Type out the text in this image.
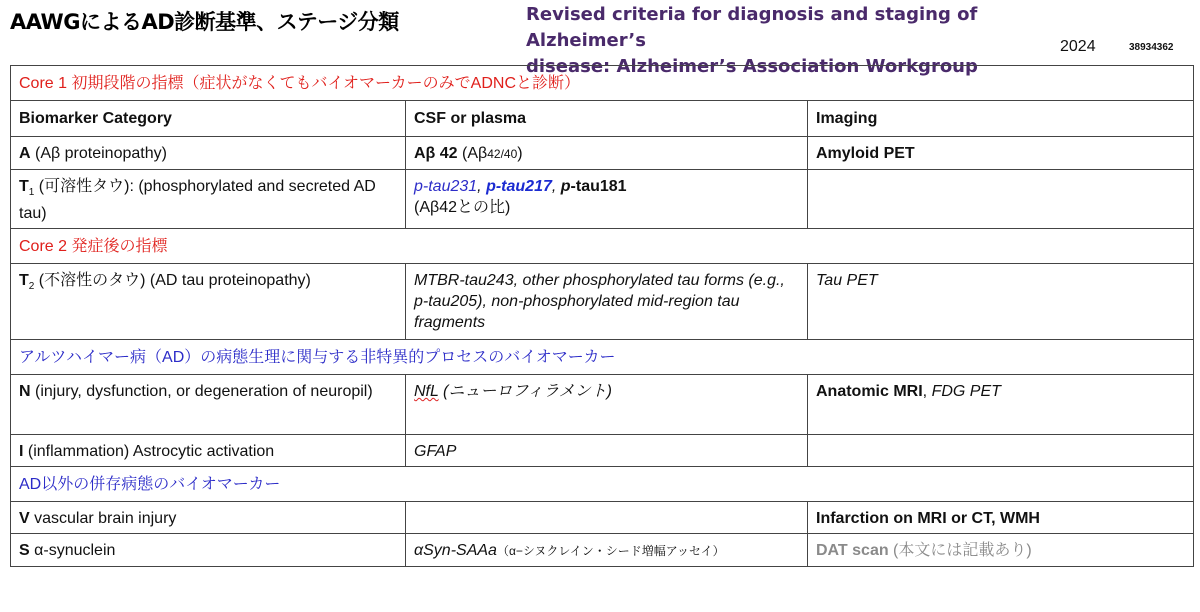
AAWGによるAD診断基準、ステージ分類	Revised criteria for diagnosis and staging of Alzheimer’s
disease: Alzheimer’s Association Workgroup
2024	38934362
Core 1 初期段階の指標（症状がなくてもバイオマーカーのみでADNCと診断）		
Biomarker Category	CSF or plasma	Imaging
A (Aβ proteinopathy)	Aβ 42 (Aβ42/40)	Amyloid PET
$T_1$ (可溶性タウ): (phosphorylated and secreted AD tau)	p-tau231, p-tau217, p-tau181
(Aβ42との比)	

Core 2 発症後の指標		
$T_2$ (不溶性のタウ) (AD tau proteinopathy)	MTBR-tau243, other phosphorylated tau forms (e.g., p-tau205), non-phosphorylated mid-region tau fragments	Tau PET
アルツハイマー病（AD）の病態生理に関与する非特異的プロセスのバイオマーカー		
N (injury, dysfunction, or degeneration of neuropil)	NfL (ニューロフィラメント)	Anatomic MRI, FDG PET
I (inflammation) Astrocytic activation	GFAP	
AD以外の併存病態のバイオマーカー		
V vascular brain injury		Infarction on MRI or CT, WMH
S α-synuclein	αSyn-SAAa（α−シヌクレイン・シード増幅アッセイ）	DAT scan (本文には記載あり)
